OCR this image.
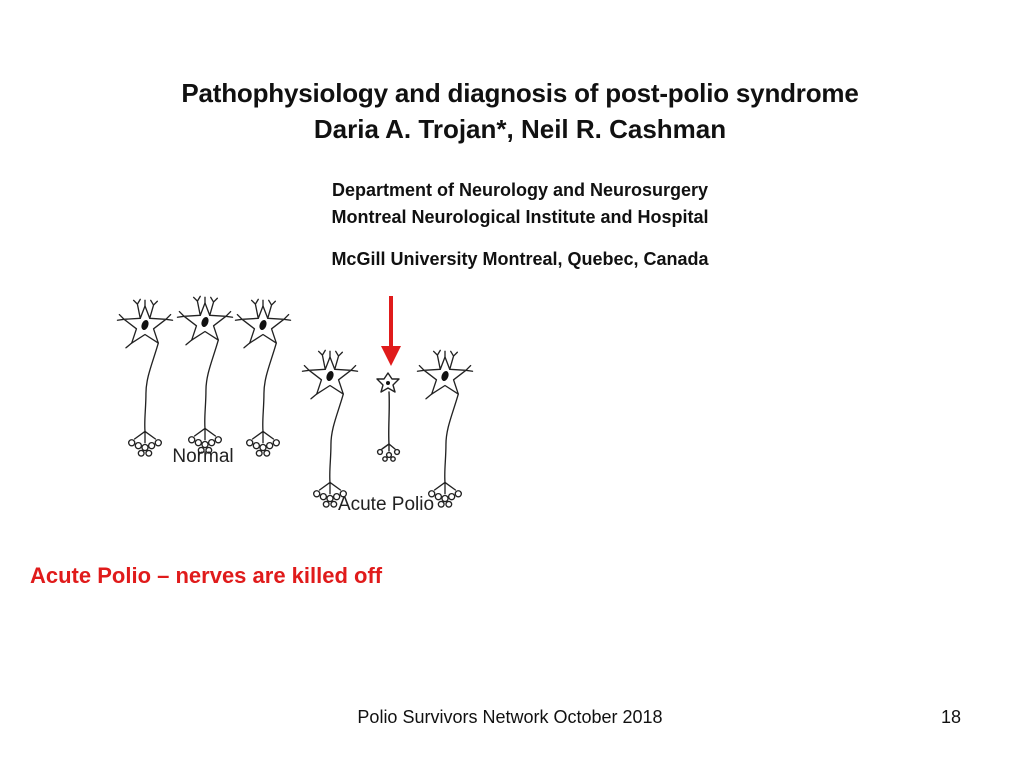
Pathophysiology and diagnosis of post-polio syndrome
Daria A. Trojan*, Neil R. Cashman
Department of Neurology and Neurosurgery
Montreal Neurological Institute and Hospital
McGill University Montreal, Quebec, Canada
Normal
Acute Polio
Acute Polio – nerves are killed off
Polio Survivors Network October 2018	18
